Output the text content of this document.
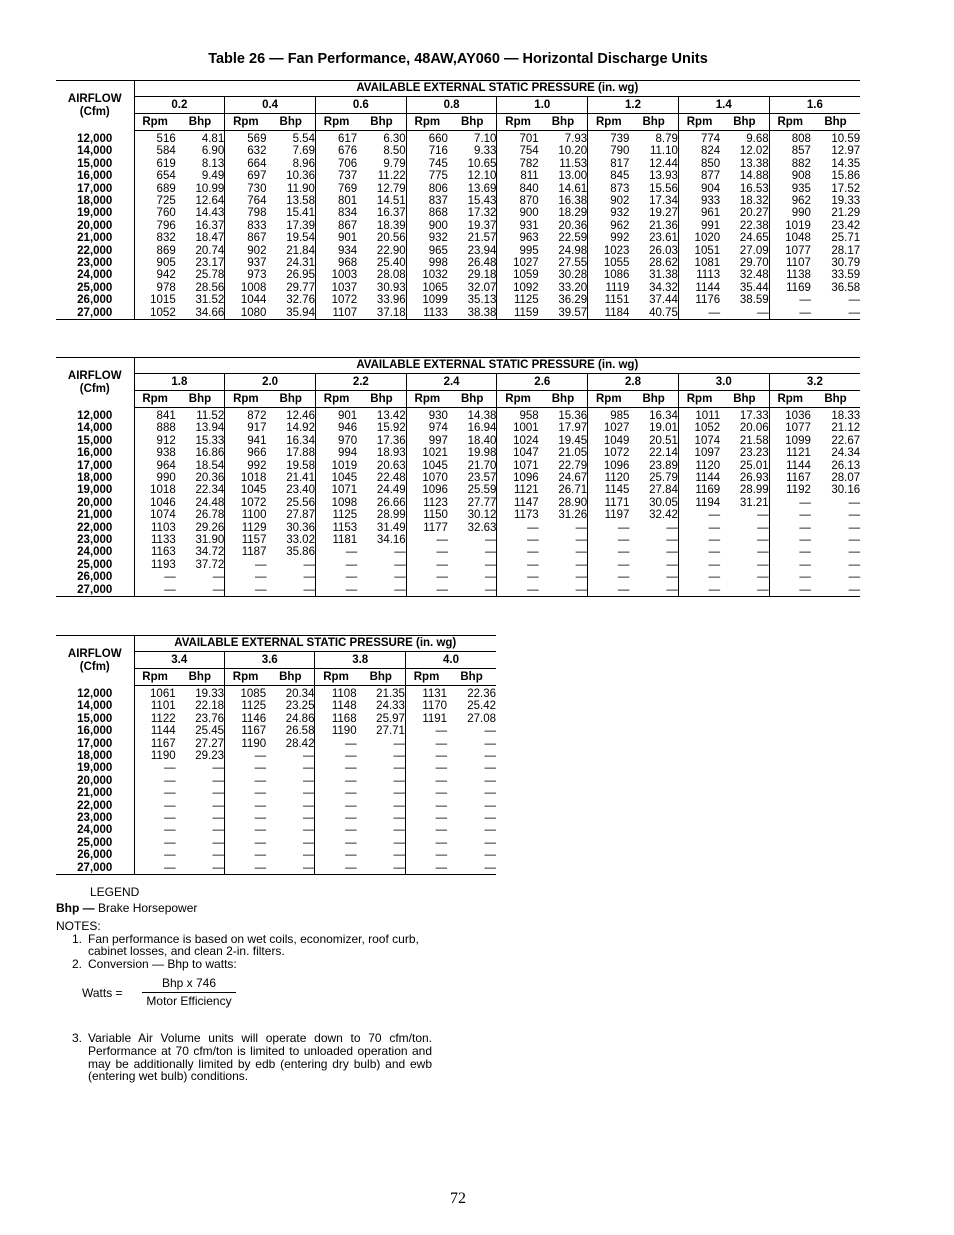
Table 26 — Fan Performance, 48AW,AY060 — Horizontal Discharge Units
AIRFLOW
(Cfm)	AVAILABLE EXTERNAL STATIC PRESSURE (in. wg)															
	0.2		0.4		0.6		0.8		1.0		1.2		1.4		1.6	
	Rpm	Bhp	Rpm	Bhp	Rpm	Bhp	Rpm	Bhp	Rpm	Bhp	Rpm	Bhp	Rpm	Bhp	Rpm	Bhp
12,000	516	4.81	569	5.54	617	6.30	660	7.10	701	7.93	739	8.79	774	9.68	808	10.59
14,000	584	6.90	632	7.69	676	8.50	716	9.33	754	10.20	790	11.10	824	12.02	857	12.97
15,000	619	8.13	664	8.96	706	9.79	745	10.65	782	11.53	817	12.44	850	13.38	882	14.35
16,000	654	9.49	697	10.36	737	11.22	775	12.10	811	13.00	845	13.93	877	14.88	908	15.86
17,000	689	10.99	730	11.90	769	12.79	806	13.69	840	14.61	873	15.56	904	16.53	935	17.52
18,000	725	12.64	764	13.58	801	14.51	837	15.43	870	16.38	902	17.34	933	18.32	962	19.33
19,000	760	14.43	798	15.41	834	16.37	868	17.32	900	18.29	932	19.27	961	20.27	990	21.29
20,000	796	16.37	833	17.39	867	18.39	900	19.37	931	20.36	962	21.36	991	22.38	1019	23.42
21,000	832	18.47	867	19.54	901	20.56	932	21.57	963	22.59	992	23.61	1020	24.65	1048	25.71
22,000	869	20.74	902	21.84	934	22.90	965	23.94	995	24.98	1023	26.03	1051	27.09	1077	28.17
23,000	905	23.17	937	24.31	968	25.40	998	26.48	1027	27.55	1055	28.62	1081	29.70	1107	30.79
24,000	942	25.78	973	26.95	1003	28.08	1032	29.18	1059	30.28	1086	31.38	1113	32.48	1138	33.59
25,000	978	28.56	1008	29.77	1037	30.93	1065	32.07	1092	33.20	1119	34.32	1144	35.44	1169	36.58
26,000	1015	31.52	1044	32.76	1072	33.96	1099	35.13	1125	36.29	1151	37.44	1176	38.59	—	—
27,000	1052	34.66	1080	35.94	1107	37.18	1133	38.38	1159	39.57	1184	40.75	—	—	—	—
AIRFLOW
(Cfm)	AVAILABLE EXTERNAL STATIC PRESSURE (in. wg)															
	1.8		2.0		2.2		2.4		2.6		2.8		3.0		3.2	
	Rpm	Bhp	Rpm	Bhp	Rpm	Bhp	Rpm	Bhp	Rpm	Bhp	Rpm	Bhp	Rpm	Bhp	Rpm	Bhp
12,000	841	11.52	872	12.46	901	13.42	930	14.38	958	15.36	985	16.34	1011	17.33	1036	18.33
14,000	888	13.94	917	14.92	946	15.92	974	16.94	1001	17.97	1027	19.01	1052	20.06	1077	21.12
15,000	912	15.33	941	16.34	970	17.36	997	18.40	1024	19.45	1049	20.51	1074	21.58	1099	22.67
16,000	938	16.86	966	17.88	994	18.93	1021	19.98	1047	21.05	1072	22.14	1097	23.23	1121	24.34
17,000	964	18.54	992	19.58	1019	20.63	1045	21.70	1071	22.79	1096	23.89	1120	25.01	1144	26.13
18,000	990	20.36	1018	21.41	1045	22.48	1070	23.57	1096	24.67	1120	25.79	1144	26.93	1167	28.07
19,000	1018	22.34	1045	23.40	1071	24.49	1096	25.59	1121	26.71	1145	27.84	1169	28.99	1192	30.16
20,000	1046	24.48	1072	25.56	1098	26.66	1123	27.77	1147	28.90	1171	30.05	1194	31.21	—	—
21,000	1074	26.78	1100	27.87	1125	28.99	1150	30.12	1173	31.26	1197	32.42	—	—	—	—
22,000	1103	29.26	1129	30.36	1153	31.49	1177	32.63	—	—	—	—	—	—	—	—
23,000	1133	31.90	1157	33.02	1181	34.16	—	—	—	—	—	—	—	—	—	—
24,000	1163	34.72	1187	35.86	—	—	—	—	—	—	—	—	—	—	—	—
25,000	1193	37.72	—	—	—	—	—	—	—	—	—	—	—	—	—	—
26,000	—	—	—	—	—	—	—	—	—	—	—	—	—	—	—	—
27,000	—	—	—	—	—	—	—	—	—	—	—	—	—	—	—	—
AIRFLOW
(Cfm)	AVAILABLE EXTERNAL STATIC PRESSURE (in. wg)							
	3.4		3.6		3.8		4.0	
	Rpm	Bhp	Rpm	Bhp	Rpm	Bhp	Rpm	Bhp
12,000	1061	19.33	1085	20.34	1108	21.35	1131	22.36
14,000	1101	22.18	1125	23.25	1148	24.33	1170	25.42
15,000	1122	23.76	1146	24.86	1168	25.97	1191	27.08
16,000	1144	25.45	1167	26.58	1190	27.71	—	—
17,000	1167	27.27	1190	28.42	—	—	—	—
18,000	1190	29.23	—	—	—	—	—	—
19,000	—	—	—	—	—	—	—	—
20,000	—	—	—	—	—	—	—	—
21,000	—	—	—	—	—	—	—	—
22,000	—	—	—	—	—	—	—	—
23,000	—	—	—	—	—	—	—	—
24,000	—	—	—	—	—	—	—	—
25,000	—	—	—	—	—	—	—	—
26,000	—	—	—	—	—	—	—	—
27,000	—	—	—	—	—	—	—	—
LEGEND
Bhp — Brake Horsepower
NOTES:
1. Fan performance is based on wet coils, economizer, roof curb, cabinet losses, and clean 2-in. filters.
2. Conversion — Bhp to watts:
3. Variable Air Volume units will operate down to 70 cfm/ton. Performance at 70 cfm/ton is limited to unloaded operation and may be additionally limited by edb (entering dry bulb) and ewb (entering wet bulb) conditions.
Watts =
Bhp x 746
Motor Efficiency
72
